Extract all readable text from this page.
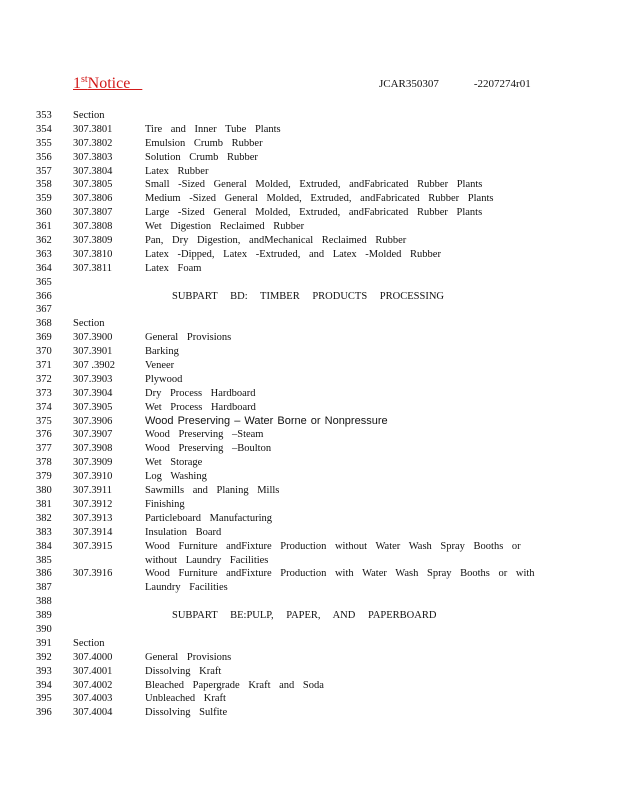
1stNotice	JCAR350307    -2207274r01
353 Section
354 307.3801	Tire and Inner Tube Plants
355 307.3802	Emulsion Crumb Rubber
356 307.3803	Solution Crumb Rubber
357 307.3804	Latex Rubber
358 307.3805	Small -Sized General Molded, Extruded, andFabricated Rubber Plants
359 307.3806	Medium -Sized General Molded, Extruded, andFabricated Rubber Plants
360 307.3807	Large -Sized General Molded, Extruded, andFabricated Rubber Plants
361 307.3808	Wet Digestion Reclaimed Rubber
362 307.3809	Pan, Dry Digestion, andMechanical Reclaimed Rubber
363 307.3810	Latex -Dipped, Latex -Extruded, and Latex -Molded Rubber
364 307.3811	Latex Foam
365
366	SUBPART BD: TIMBER PRODUCTS PROCESSING
367
368 Section
369 307.3900	General Provisions
370 307.3901	Barking
371 307 .3902	Veneer
372 307.3903	Plywood
373 307.3904	Dry Process Hardboard
374 307.3905	Wet Process Hardboard
375 307.3906	Wood Preserving – Water Borne or Nonpressure
376 307.3907	Wood Preserving –Steam
377 307.3908	Wood Preserving –Boulton
378 307.3909	Wet Storage
379 307.3910	Log Washing
380 307.3911	Sawmills and Planing Mills
381 307.3912	Finishing
382 307.3913	Particleboard Manufacturing
383 307.3914	Insulation Board
384 307.3915	Wood Furniture andFixture Production without Water Wash Spray Booths or
385	without Laundry Facilities
386 307.3916	Wood Furniture andFixture Production with Water Wash Spray Booths or with
387	Laundry Facilities
388
389	SUBPART BE:PULP, PAPER, AND PAPERBOARD
390
391 Section
392 307.4000	General Provisions
393 307.4001	Dissolving Kraft
394 307.4002	Bleached Papergrade Kraft and Soda
395 307.4003	Unbleached Kraft
396 307.4004	Dissolving Sulfite
